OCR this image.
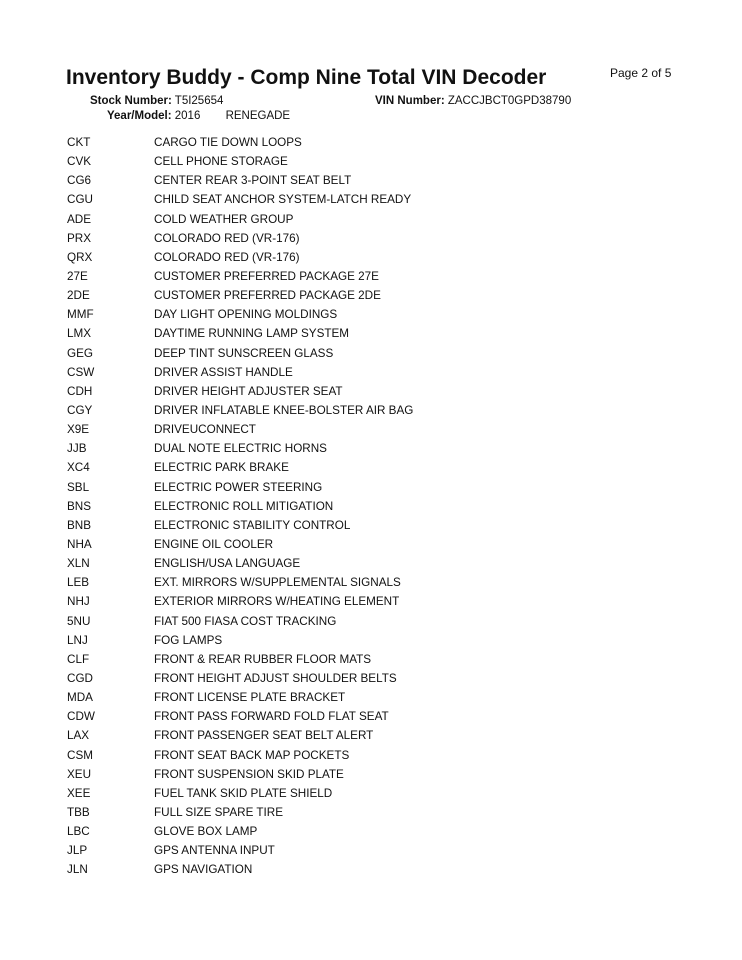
Inventory Buddy - Comp Nine Total VIN Decoder	Page 2 of 5
Stock Number: T5I25654	VIN Number: ZACCJBCT0GPD38790
Year/Model: 2016 RENEGADE
CKT	CARGO TIE DOWN LOOPS
CVK	CELL PHONE STORAGE
CG6	CENTER REAR 3-POINT SEAT BELT
CGU	CHILD SEAT ANCHOR SYSTEM-LATCH READY
ADE	COLD WEATHER GROUP
PRX	COLORADO RED (VR-176)
QRX	COLORADO RED (VR-176)
27E	CUSTOMER PREFERRED PACKAGE 27E
2DE	CUSTOMER PREFERRED PACKAGE 2DE
MMF	DAY LIGHT OPENING MOLDINGS
LMX	DAYTIME RUNNING LAMP SYSTEM
GEG	DEEP TINT SUNSCREEN GLASS
CSW	DRIVER ASSIST HANDLE
CDH	DRIVER HEIGHT ADJUSTER SEAT
CGY	DRIVER INFLATABLE KNEE-BOLSTER AIR BAG
X9E	DRIVEUCONNECT
JJB	DUAL NOTE ELECTRIC HORNS
XC4	ELECTRIC PARK BRAKE
SBL	ELECTRIC POWER STEERING
BNS	ELECTRONIC ROLL MITIGATION
BNB	ELECTRONIC STABILITY CONTROL
NHA	ENGINE OIL COOLER
XLN	ENGLISH/USA LANGUAGE
LEB	EXT. MIRRORS W/SUPPLEMENTAL SIGNALS
NHJ	EXTERIOR MIRRORS W/HEATING ELEMENT
5NU	FIAT 500 FIASA COST TRACKING
LNJ	FOG LAMPS
CLF	FRONT & REAR RUBBER FLOOR MATS
CGD	FRONT HEIGHT ADJUST SHOULDER BELTS
MDA	FRONT LICENSE PLATE BRACKET
CDW	FRONT PASS FORWARD FOLD FLAT SEAT
LAX	FRONT PASSENGER SEAT BELT ALERT
CSM	FRONT SEAT BACK MAP POCKETS
XEU	FRONT SUSPENSION SKID PLATE
XEE	FUEL TANK SKID PLATE SHIELD
TBB	FULL SIZE SPARE TIRE
LBC	GLOVE BOX LAMP
JLP	GPS ANTENNA INPUT
JLN	GPS NAVIGATION
